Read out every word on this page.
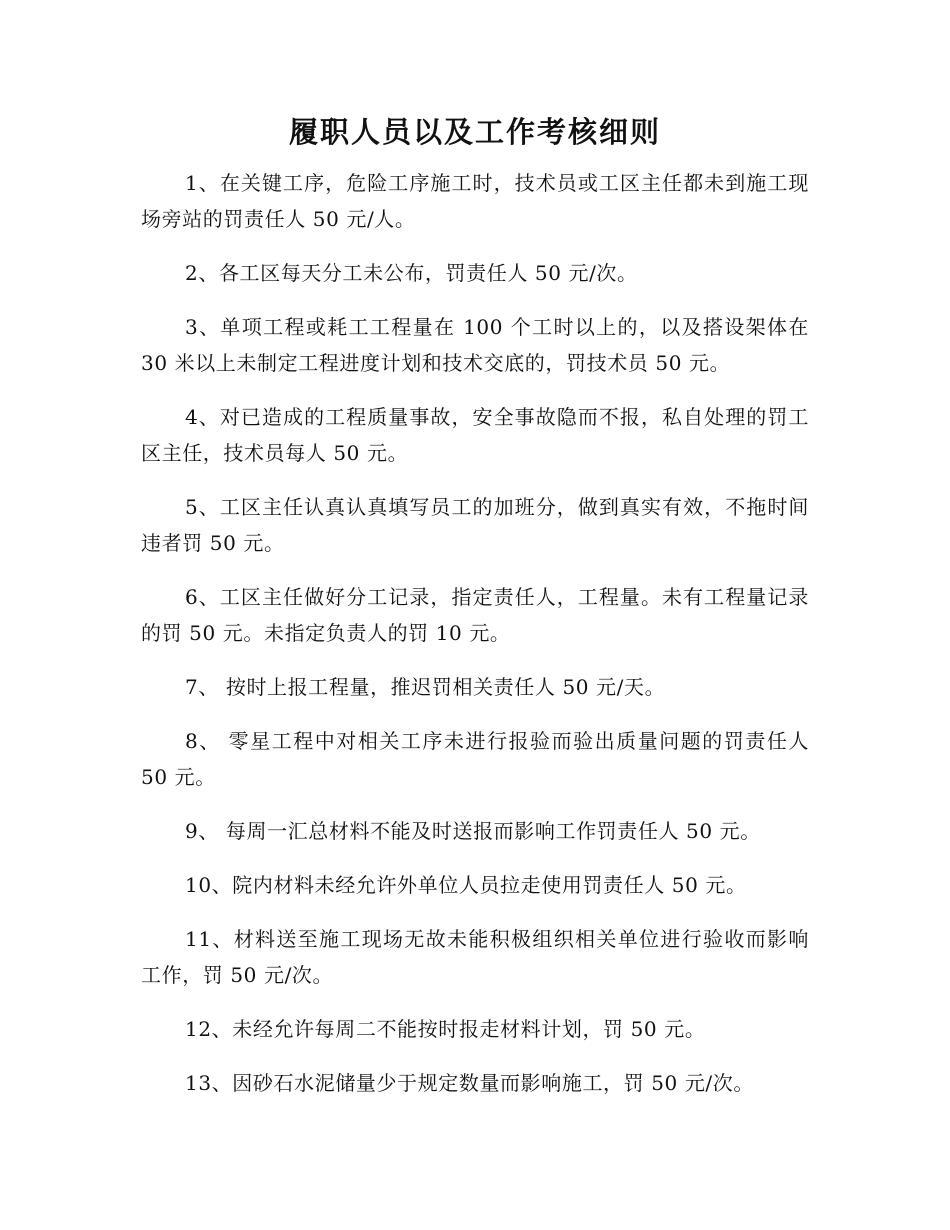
履职人员以及工作考核细则

1、在关键工序，危险工序施工时，技术员或工区主任都未到施工现场旁站的罚责任人 50 元/人。

2、各工区每天分工未公布，罚责任人 50 元/次。

3、单项工程或耗工工程量在 100 个工时以上的，以及搭设架体在 30 米以上未制定工程进度计划和技术交底的，罚技术员 50 元。

4、对已造成的工程质量事故，安全事故隐而不报，私自处理的罚工区主任，技术员每人 50 元。

5、工区主任认真认真填写员工的加班分，做到真实有效，不拖时间违者罚 50 元。

6、工区主任做好分工记录，指定责任人，工程量。未有工程量记录的罚 50 元。未指定负责人的罚 10 元。

7、 按时上报工程量，推迟罚相关责任人 50 元/天。

8、 零星工程中对相关工序未进行报验而验出质量问题的罚责任人 50 元。

9、 每周一汇总材料不能及时送报而影响工作罚责任人 50 元。

10、院内材料未经允许外单位人员拉走使用罚责任人 50 元。

11、材料送至施工现场无故未能积极组织相关单位进行验收而影响工作，罚 50 元/次。

12、未经允许每周二不能按时报走材料计划，罚 50 元。

13、因砂石水泥储量少于规定数量而影响施工，罚 50 元/次。
